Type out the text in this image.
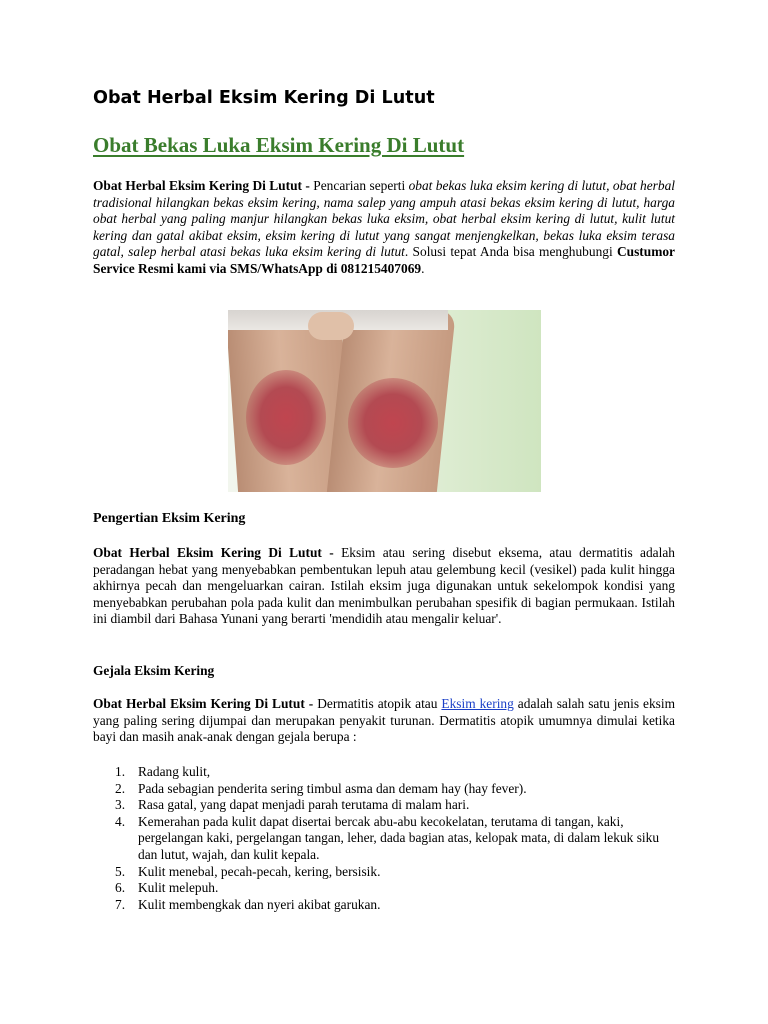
Obat Herbal Eksim Kering Di Lutut
Obat Bekas Luka Eksim Kering Di Lutut

Obat Herbal Eksim Kering Di Lutut - Pencarian seperti obat bekas luka eksim kering di lutut, obat herbal tradisional hilangkan bekas eksim kering, nama salep yang ampuh atasi bekas eksim kering di lutut, harga obat herbal yang paling manjur hilangkan bekas luka eksim, obat herbal eksim kering di lutut, kulit lutut kering dan gatal akibat eksim, eksim kering di lutut yang sangat menjengkelkan, bekas luka eksim terasa gatal, salep herbal atasi bekas luka eksim kering di lutut. Solusi tepat Anda bisa menghubungi Custumor Service Resmi kami via SMS/WhatsApp di 081215407069.

Pengertian Eksim Kering

Obat Herbal Eksim Kering Di Lutut - Eksim atau sering disebut eksema, atau dermatitis adalah peradangan hebat yang menyebabkan pembentukan lepuh atau gelembung kecil (vesikel) pada kulit hingga akhirnya pecah dan mengeluarkan cairan. Istilah eksim juga digunakan untuk sekelompok kondisi yang menyebabkan perubahan pola pada kulit dan menimbulkan perubahan spesifik di bagian permukaan. Istilah ini diambil dari Bahasa Yunani yang berarti 'mendidih atau mengalir keluar'.

Gejala Eksim Kering

Obat Herbal Eksim Kering Di Lutut - Dermatitis atopik atau Eksim kering adalah salah satu jenis eksim yang paling sering dijumpai dan merupakan penyakit turunan. Dermatitis atopik umumnya dimulai ketika bayi dan masih anak-anak dengan gejala berupa :

1. Radang kulit,
2. Pada sebagian penderita sering timbul asma dan demam hay (hay fever).
3. Rasa gatal, yang dapat menjadi parah terutama di malam hari.
4. Kemerahan pada kulit dapat disertai bercak abu-abu kecokelatan, terutama di tangan, kaki, pergelangan kaki, pergelangan tangan, leher, dada bagian atas, kelopak mata, di dalam lekuk siku dan lutut, wajah, dan kulit kepala.
5. Kulit menebal, pecah-pecah, kering, bersisik.
6. Kulit melepuh.
7. Kulit membengkak dan nyeri akibat garukan.
